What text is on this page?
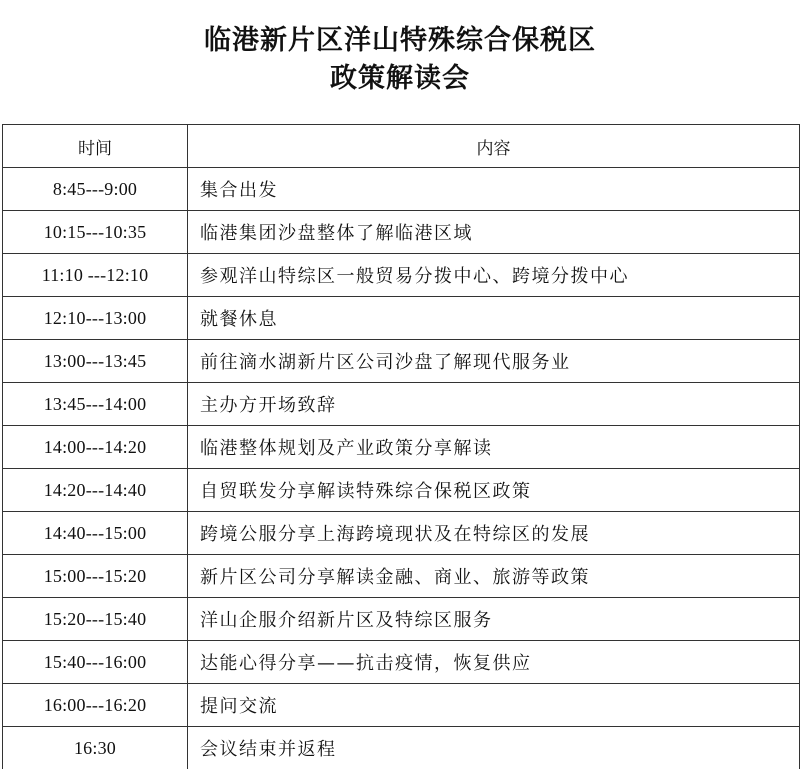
临港新片区洋山特殊综合保税区
政策解读会
时间	内容
8:45---9:00	集合出发
10:15---10:35	临港集团沙盘整体了解临港区域
11:10 ---12:10	参观洋山特综区一般贸易分拨中心、跨境分拨中心
12:10---13:00	就餐休息
13:00---13:45	前往滴水湖新片区公司沙盘了解现代服务业
13:45---14:00	主办方开场致辞
14:00---14:20	临港整体规划及产业政策分享解读
14:20---14:40	自贸联发分享解读特殊综合保税区政策
14:40---15:00	跨境公服分享上海跨境现状及在特综区的发展
15:00---15:20	新片区公司分享解读金融、商业、旅游等政策
15:20---15:40	洋山企服介绍新片区及特综区服务
15:40---16:00	达能心得分享——抗击疫情，恢复供应
16:00---16:20	提问交流
16:30	会议结束并返程
